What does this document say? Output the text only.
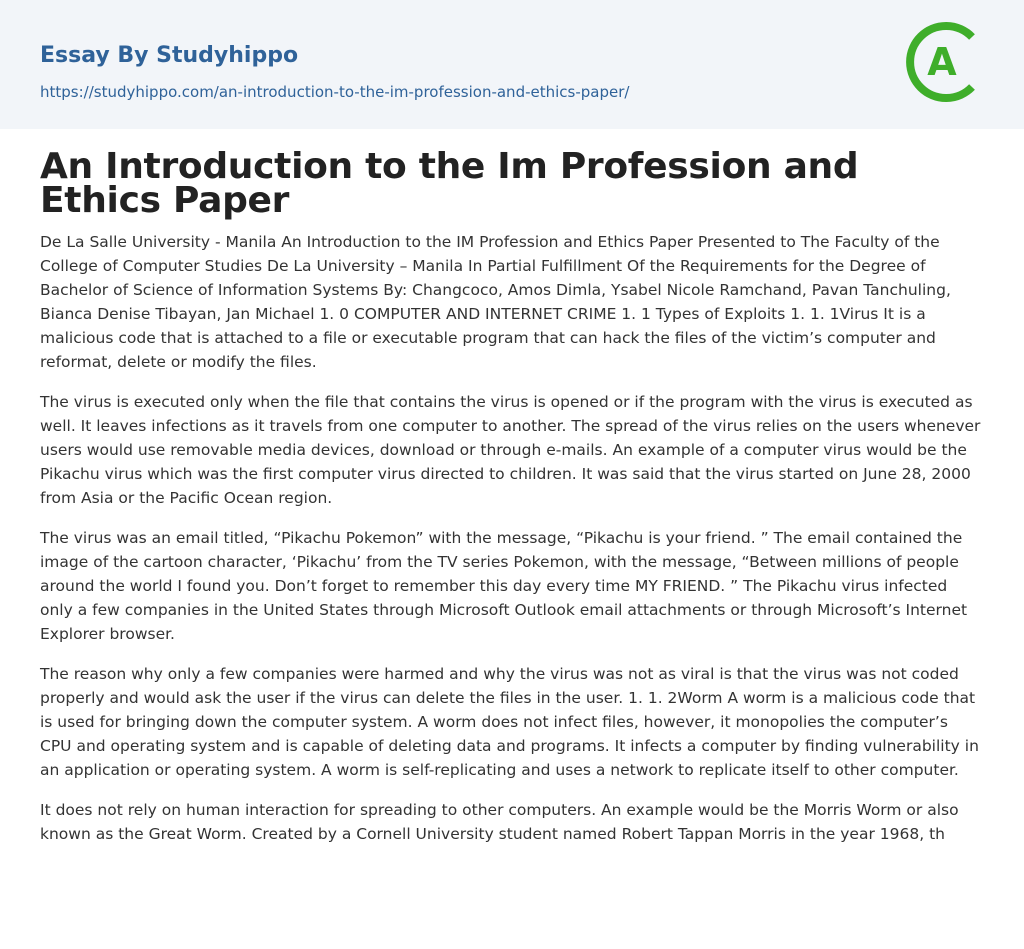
Essay By Studyhippo
https://studyhippo.com/an-introduction-to-the-im-profession-and-ethics-paper/
A
An Introduction to the Im Profession and Ethics Paper

De La Salle University - Manila An Introduction to the IM Profession and Ethics Paper Presented to The Faculty of the College of Computer Studies De La University – Manila In Partial Fulfillment Of the Requirements for the Degree of Bachelor of Science of Information Systems By: Changcoco, Amos Dimla, Ysabel Nicole Ramchand, Pavan Tanchuling, Bianca Denise Tibayan, Jan Michael 1. 0 COMPUTER AND INTERNET CRIME 1. 1 Types of Exploits 1. 1. 1Virus It is a malicious code that is attached to a file or executable program that can hack the files of the victim’s computer and reformat, delete or modify the files.

The virus is executed only when the file that contains the virus is opened or if the program with the virus is executed as well. It leaves infections as it travels from one computer to another. The spread of the virus relies on the users whenever users would use removable media devices, download or through e-mails. An example of a computer virus would be the Pikachu virus which was the first computer virus directed to children. It was said that the virus started on June 28, 2000 from Asia or the Pacific Ocean region.

The virus was an email titled, “Pikachu Pokemon” with the message, “Pikachu is your friend. ” The email contained the image of the cartoon character, ‘Pikachu’ from the TV series Pokemon, with the message, “Between millions of people around the world I found you. Don’t forget to remember this day every time MY FRIEND. ” The Pikachu virus infected only a few companies in the United States through Microsoft Outlook email attachments or through Microsoft’s Internet Explorer browser.

The reason why only a few companies were harmed and why the virus was not as viral is that the virus was not coded properly and would ask the user if the virus can delete the files in the user. 1. 1. 2Worm A worm is a malicious code that is used for bringing down the computer system. A worm does not infect files, however, it monopolies the computer’s CPU and operating system and is capable of deleting data and programs. It infects a computer by finding vulnerability in an application or operating system. A worm is self-replicating and uses a network to replicate itself to other computer.

It does not rely on human interaction for spreading to other computers. An example would be the Morris Worm or also known as the Great Worm. Created by a Cornell University student named Robert Tappan Morris in the year 1968, th
